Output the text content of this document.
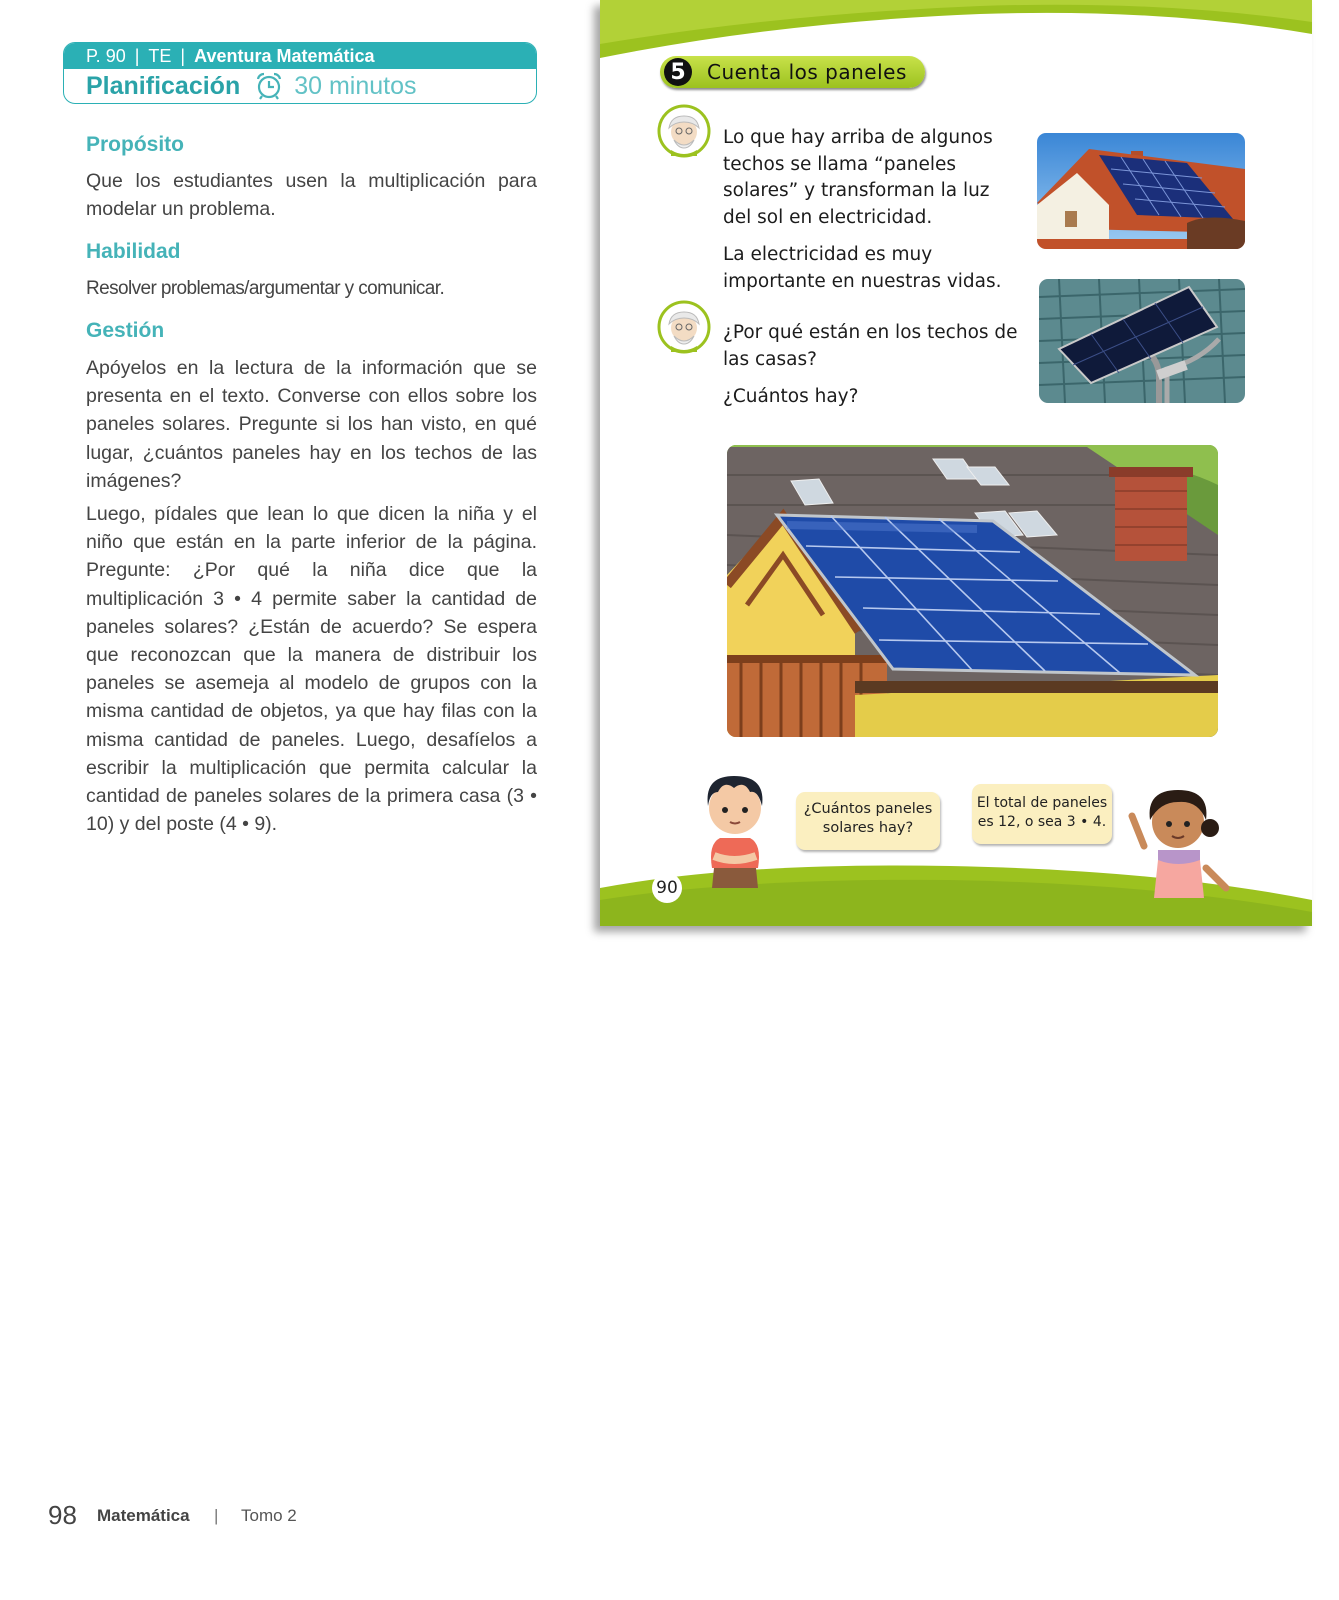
P. 90 | TE | Aventura Matemática
Planificación 30 minutos
Propósito

Que los estudiantes usen la multiplicación para modelar un problema.

Habilidad

Resolver problemas/argumentar y comunicar.

Gestión

Apóyelos en la lectura de la información que se presenta en el texto. Converse con ellos sobre los paneles solares. Pregunte si los han visto, en qué lugar, ¿cuántos paneles hay en los techos de las imágenes?

Luego, pídales que lean lo que dicen la niña y el niño que están en la parte inferior de la página. Pregunte: ¿Por qué la niña dice que la multiplicación 3 • 4 permite saber la cantidad de paneles solares? ¿Están de acuerdo? Se espera que reconozcan que la manera de distribuir los paneles se asemeja al modelo de grupos con la misma cantidad de objetos, ya que hay filas con la misma cantidad de paneles. Luego, desafíelos a escribir la multiplicación que permita calcular la cantidad de paneles solares de la primera casa (3 • 10) y del poste (4 • 9).

98 Matemática | Tomo 2
5	Cuenta los paneles

Lo que hay arriba de algunos techos se llama “paneles solares” y transforman la luz del sol en electricidad.

La electricidad es muy importante en nuestras vidas.

¿Por qué están en los techos de las casas?

¿Cuántos hay?

¿Cuántos paneles solares hay?
El total de paneles es 12, o sea 3 • 4.
90
